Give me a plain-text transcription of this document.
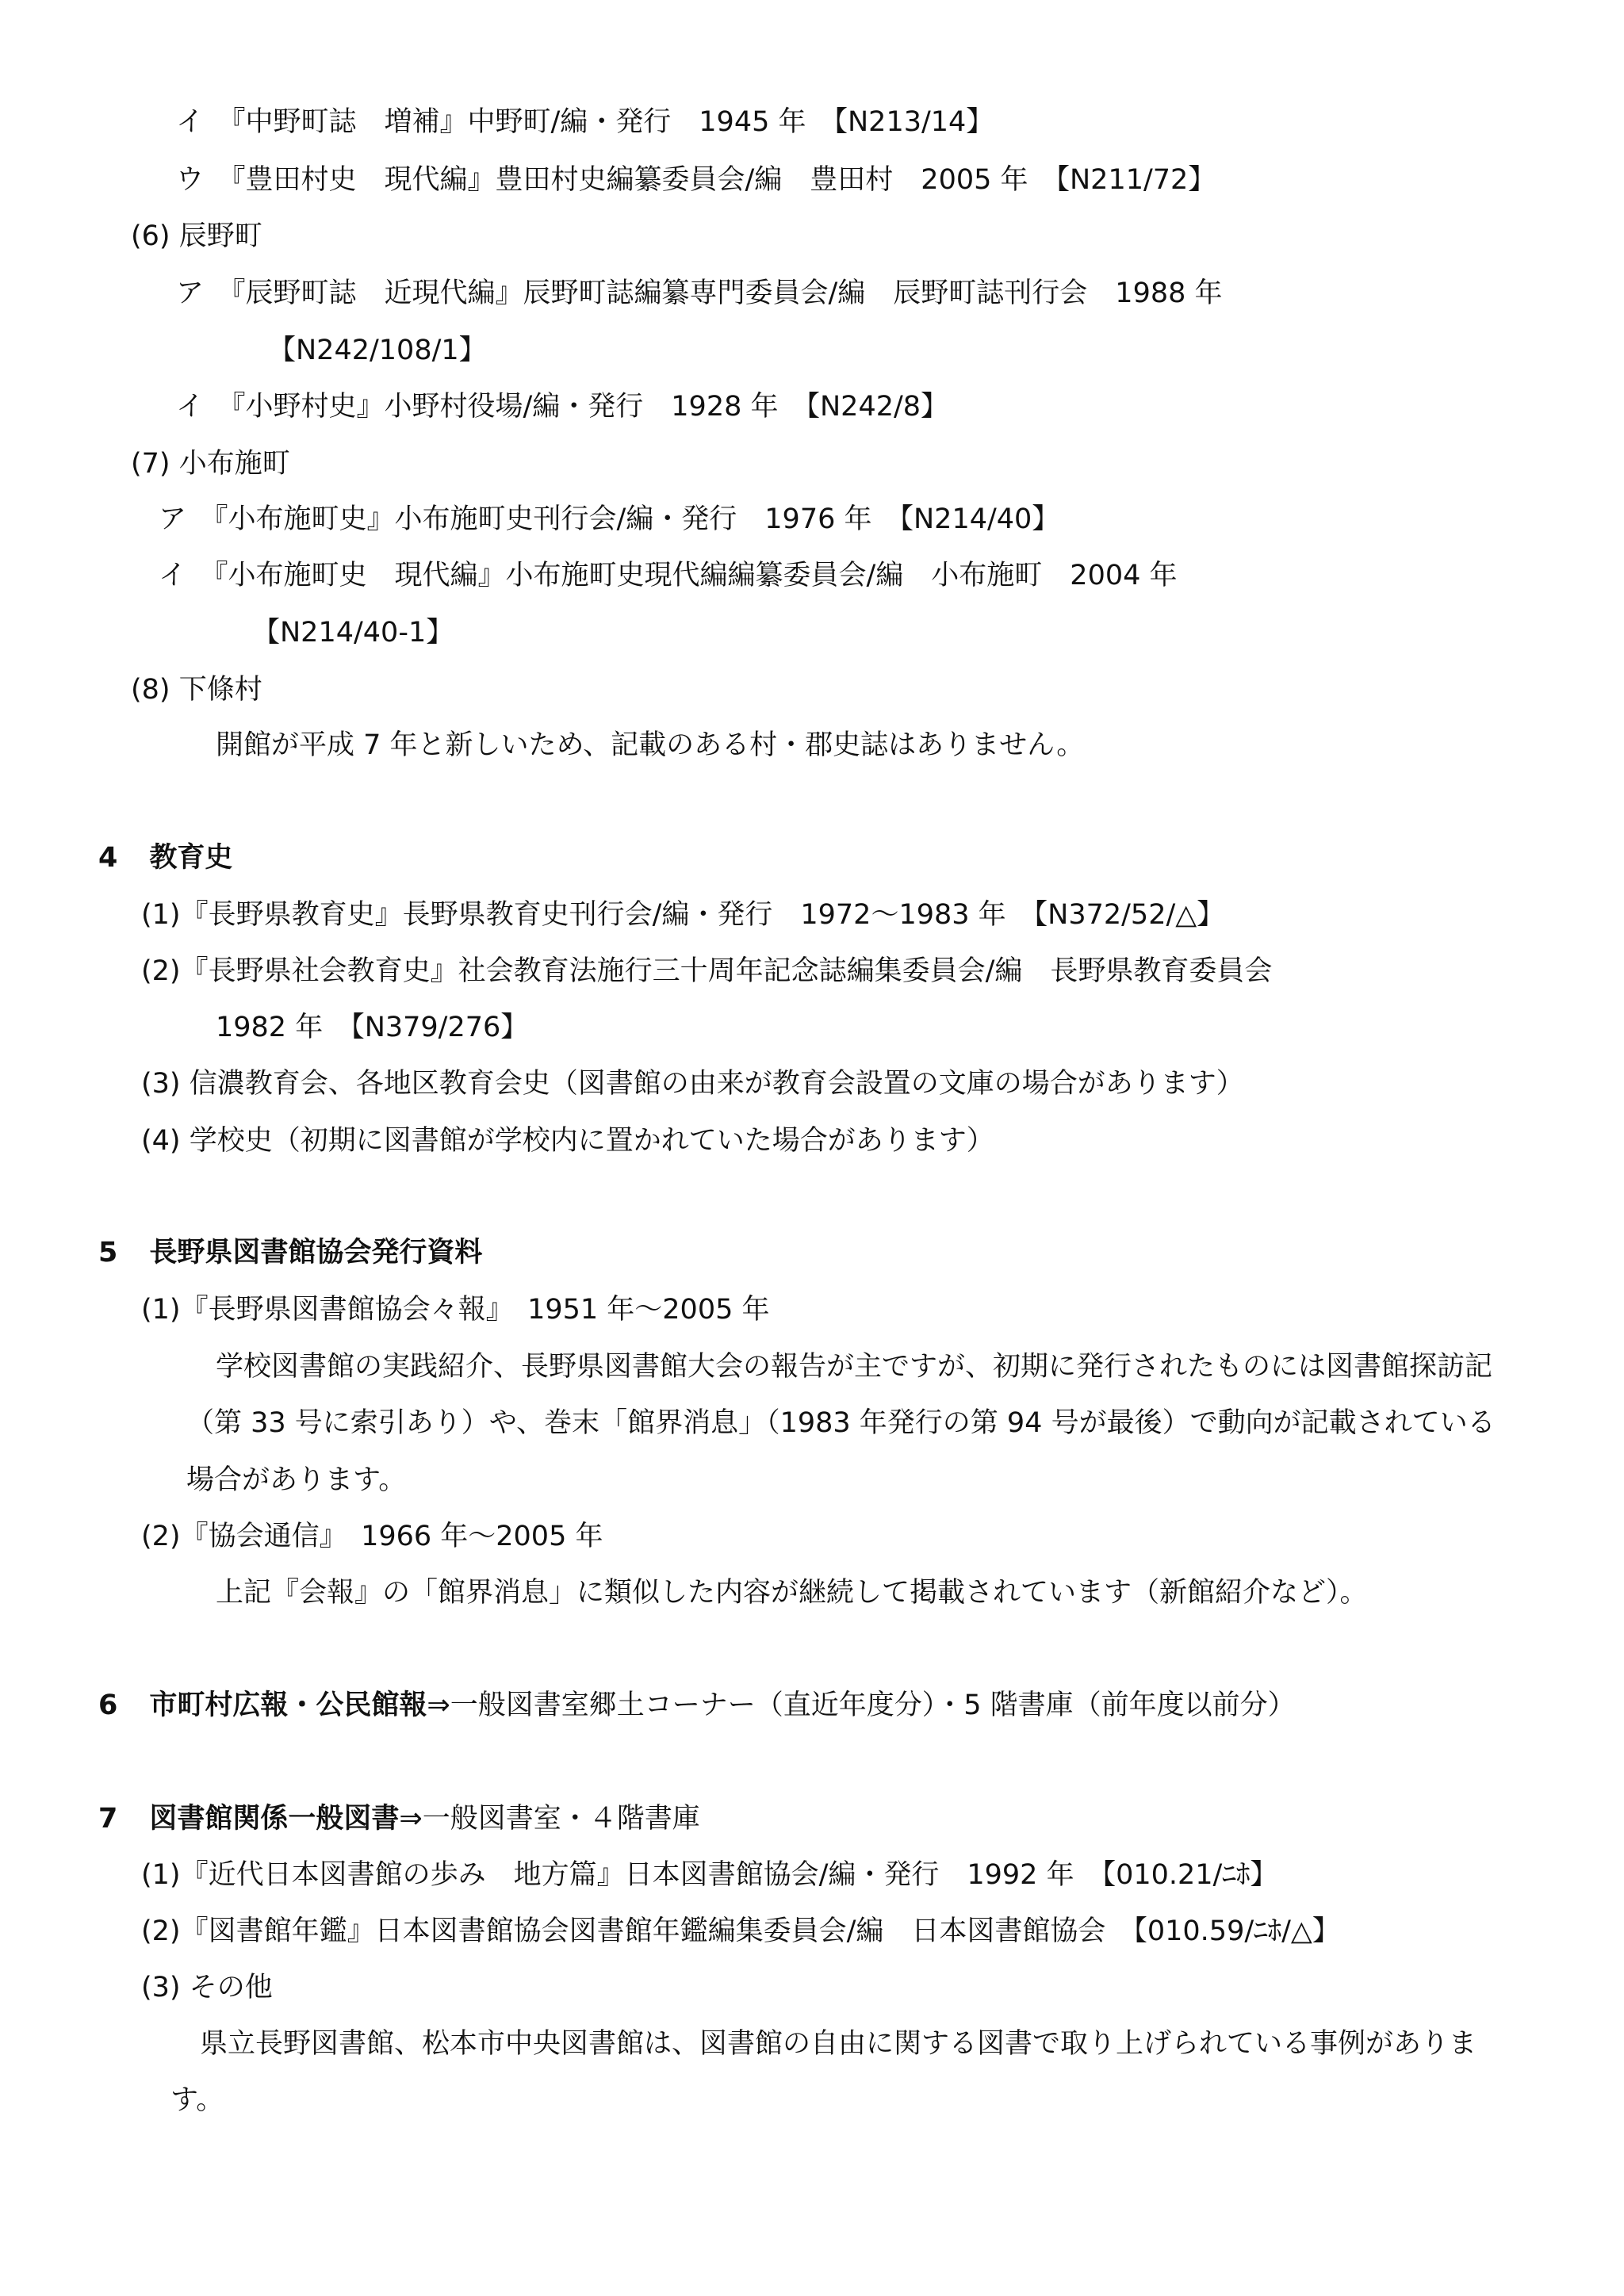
イ　『中野町誌　増補』中野町/編・発行　1945 年　【N213/14】
ウ　『豊田村史　現代編』豊田村史編纂委員会/編　豊田村　2005 年　【N211/72】
(6) 辰野町
ア　『辰野町誌　近現代編』辰野町誌編纂専門委員会/編　辰野町誌刊行会　1988 年
【N242/108/1】
イ　『小野村史』小野村役場/編・発行　1928 年　【N242/8】
(7) 小布施町
ア　『小布施町史』小布施町史刊行会/編・発行　1976 年　【N214/40】
イ　『小布施町史　現代編』小布施町史現代編編纂委員会/編　小布施町　2004 年
【N214/40-1】
(8) 下條村
開館が平成 7 年と新しいため、記載のある村・郡史誌はありません。
4 教育史
(1)『長野県教育史』長野県教育史刊行会/編・発行　1972～1983 年　【N372/52/△】
(2)『長野県社会教育史』社会教育法施行三十周年記念誌編集委員会/編　長野県教育委員会
1982 年　【N379/276】
(3) 信濃教育会、各地区教育会史（図書館の由来が教育会設置の文庫の場合があります）
(4) 学校史（初期に図書館が学校内に置かれていた場合があります）
5 長野県図書館協会発行資料
(1)『長野県図書館協会々報』　1951 年～2005 年
学校図書館の実践紹介、長野県図書館大会の報告が主ですが、初期に発行されたものには図書館探訪記
（第 33 号に索引あり）や、巻末「館界消息」（1983 年発行の第 94 号が最後）で動向が記載されている
場合があります。
(2)『協会通信』　1966 年～2005 年
上記『会報』の「館界消息」に類似した内容が継続して掲載されています（新館紹介など）。
6 市町村広報・公民館報⇒一般図書室郷土コーナー（直近年度分）・5 階書庫（前年度以前分）
7 図書館関係一般図書⇒一般図書室・４階書庫
(1)『近代日本図書館の歩み　地方篇』日本図書館協会/編・発行　1992 年　【010.21/ﾆﾎ】
(2)『図書館年鑑』日本図書館協会図書館年鑑編集委員会/編　日本図書館協会　【010.59/ﾆﾎ/△】
(3) その他
県立長野図書館、松本市中央図書館は、図書館の自由に関する図書で取り上げられている事例がありま
す。
